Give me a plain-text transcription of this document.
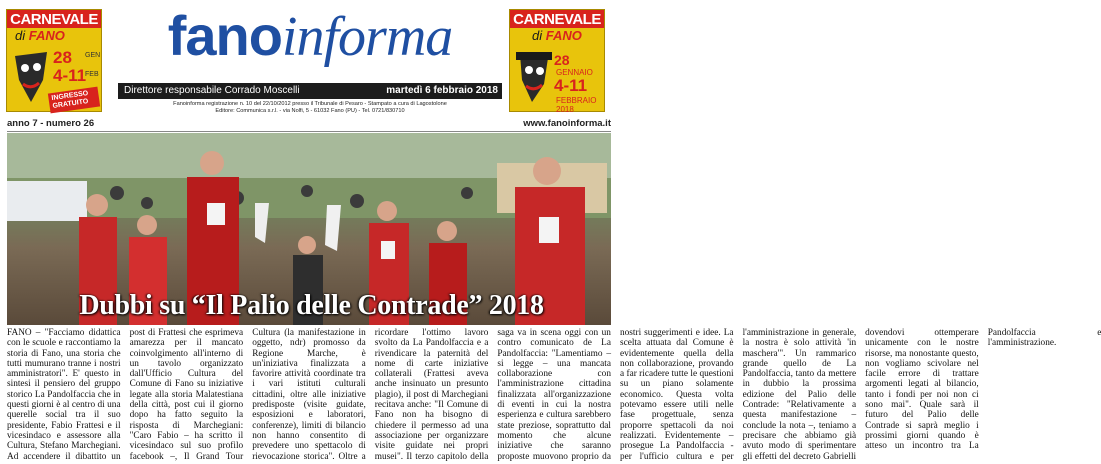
CARNEVALE
di FANO
28 GEN
4-11
FEB
INGRESSO GRATUITO
fanoinforma
Direttore responsabile Corrado Moscelli	martedì 6 febbraio 2018
Fanoinforma registrazione n. 10 del 22/10/2012 presso il Tribunale di Pesaro - Stampato a cura di Lagostolone
Editore: Communica s.r.l. - via Nolfi, 5 - 61032 Fano (PU) - Tel. 0721/830710
CARNEVALE
di FANO
28
GENNAIO
4-11
FEBBRAIO 2018
anno 7 - numero 26	www.fanoinforma.it
Dubbi su “Il Palio delle Contrade” 2018

FANO – "Facciamo didattica con le scuole e raccontiamo la storia di Fano, una storia che tutti mumurano tranne i nostri amministratori". E' questo in sintesi il pensiero del gruppo storico La Pandolfaccia che in questi giorni è al centro di una querelle social tra il suo presidente, Fabio Frattesi e il vicesindaco e assessore alla Cultura, Stefano Marchegiani. Ad accendere il dibattito un post di Frattesi che esprimeva amarezza per il mancato coinvolgimento all'interno di un tavolo organizzato dall'Ufficio Cultura del Comune di Fano su iniziative legate alla storia Malatestiana della città, post cui il giorno dopo ha fatto seguito la risposta di Marchegiani: "Caro Fabio – ha scritto il vicesindaco sul suo profilo facebook –, Il Grand Tour Cultura (la manifestazione in oggetto, ndr) promosso da Regione Marche, è un'iniziativa finalizzata a favorire attività coordinate tra i vari istituti culturali cittadini, oltre alle iniziative predisposte (visite guidate, esposizioni e laboratori, conferenze), limiti di bilancio non hanno consentito di prevedere uno spettacolo di rievocazione storica". Oltre a ricordare l'ottimo lavoro svolto da La Pandolfaccia e a rivendicare la paternità del nome di carte iniziative collaterali (Frattesi aveva anche insinuato un presunto plagio), il post di Marchegiani recitava anche: "Il Comune di Fano non ha bisogno di chiedere il permesso ad una associazione per organizzare visite guidate nei propri musei". Il terzo capitolo della saga va in scena oggi con un contro comunicato de La Pandolfaccia: "Lamentiamo – si legge – una mancata collaborazione con l'amministrazione cittadina finalizzata all'organizzazione di eventi in cui la nostra esperienza e cultura sarebbero state preziose, soprattutto dal momento che alcune iniziative che saranno proposte muovono proprio da nostri suggerimenti e idee. La scelta attuata dal Comune è evidentemente quella della non collaborazione, provando a far ricadere tutte le questioni su un piano solamente economico. Questa volta potevamo essere utili nelle fase progettuale, senza proporre spettacoli da noi realizzati. Evidentemente – prosegue La Pandolfaccia - per l'ufficio cultura e per l'amministrazione in generale, la nostra è solo attività 'in maschera'". Un rammarico grande quello de La Pandolfaccia, tanto da mettere in dubbio la prossima edizione del Palio delle Contrade: "Relativamente a questa manifestazione – conclude la nota –, teniamo a precisare che abbiamo già avuto modo di sperimentare gli effetti del decreto Gabrielli dovendovi ottemperare unicamente con le nostre risorse, ma nonostante questo, non vogliamo scivolare nel facile errore di trattare argomenti legati al bilancio, tanto i fondi per noi non ci sono mai". Quale sarà il futuro del Palio delle Contrade si saprà meglio i prossimi giorni quando è atteso un incontro tra La Pandolfaccia e l'amministrazione.
